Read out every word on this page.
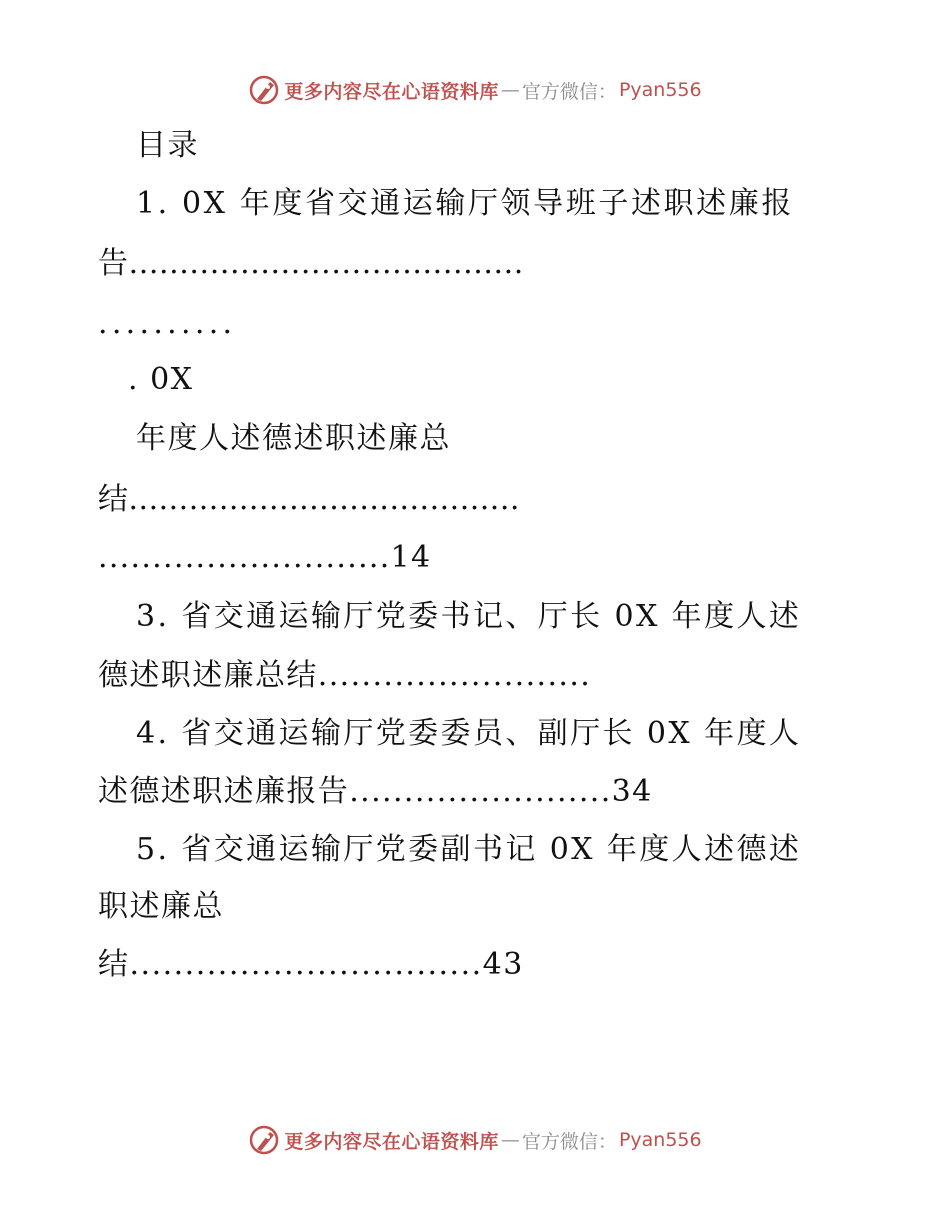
更多内容尽在心语资料库 — 官方微信： Pyan556
目录
1. 0X 年度省交通运输厅领导班子述职述廉报
告.......................................
..........
. 0X
年度人述德述职述廉总
结.......................................
...........................14
3. 省交通运输厅党委书记、厅长 0X 年度人述
德述职述廉总结.........................
4. 省交通运输厅党委委员、副厅长 0X 年度人
述德述职述廉报告........................34
5. 省交通运输厅党委副书记 0X 年度人述德述
职述廉总
结................................43
更多内容尽在心语资料库 — 官方微信： Pyan556
